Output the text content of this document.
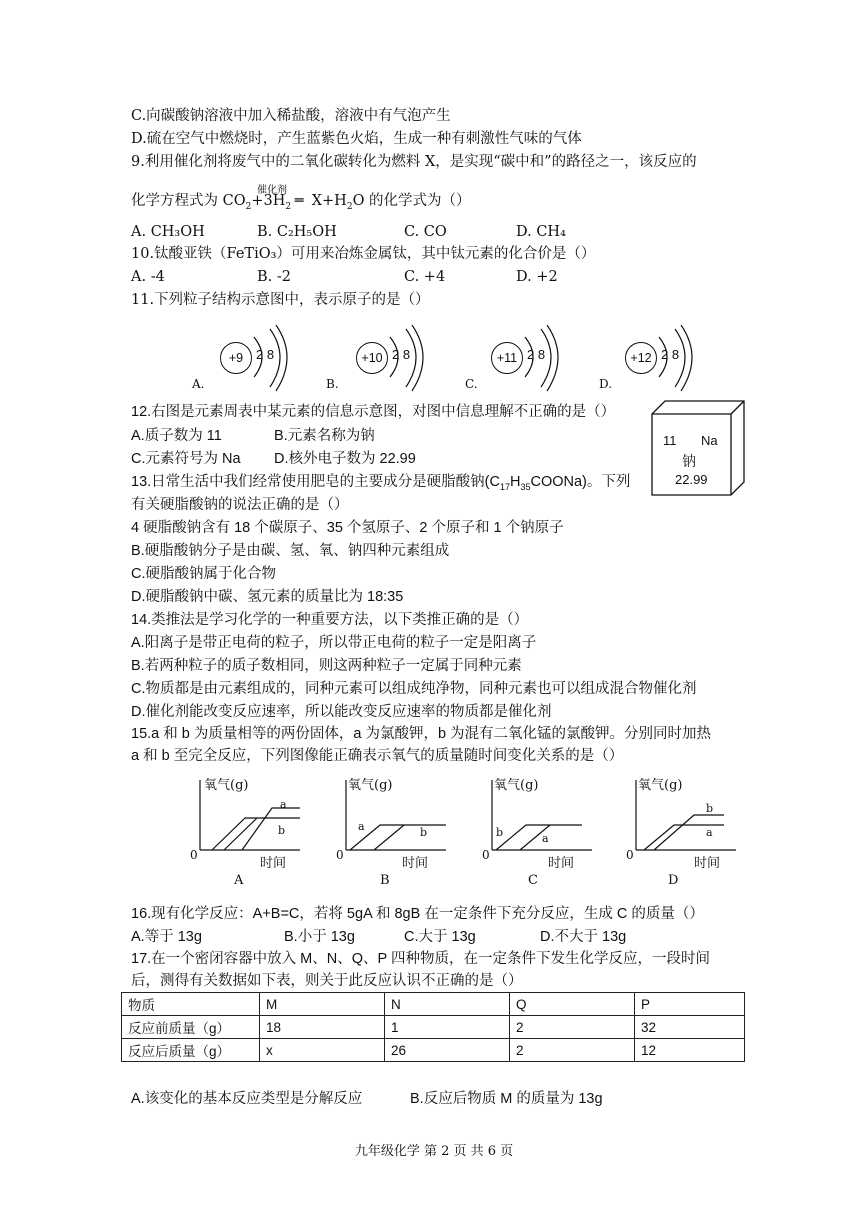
C.向碳酸钠溶液中加入稀盐酸，溶液中有气泡产生
D.硫在空气中燃烧时，产生蓝紫色火焰，生成一种有刺激性气味的气体
9.利用催化剂将废气中的二氧化碳转化为燃料 X，是实现“碳中和”的路径之一，该反应的
化学方程式为 $CO_2+3H_2$ ═ $X+H_2O$ 的化学式为（）
催化剂
A. CH₃OH	B. C₂H₅OH	C. CO	D. CH₄
10.钛酸亚铁（FeTiO₃）可用来冶炼金属钛，其中钛元素的化合价是（）
A. -4	B. -2	C. +4	D. +2
11.下列粒子结构示意图中，表示原子的是（）
+9 2 8
A.
+10 2 8
B.
+11 2 8
C.
+12 2 8
D.
12.右图是元素周表中某元素的信息示意图，对图中信息理解不正确的是（）
A.质子数为 11	B.元素名称为钠
C.元素符号为 Na D.核外电子数为 22.99
11 Na
钠
22.99
13.日常生活中我们经常使用肥皂的主要成分是硬脂酸钠$(C_{17}H_{35}COONa)$。下列
有关硬脂酸钠的说法正确的是（）
4 硬脂酸钠含有 18 个碳原子、35 个氢原子、2 个原子和 1 个钠原子
B.硬脂酸钠分子是由碳、氢、氧、钠四种元素组成
C.硬脂酸钠属于化合物
D.硬脂酸钠中碳、氢元素的质量比为 18:35
14.类推法是学习化学的一种重要方法，以下类推正确的是（）
A.阳离子是带正电荷的粒子，所以带正电荷的粒子一定是阳离子
B.若两种粒子的质子数相同，则这两种粒子一定属于同种元素
C.物质都是由元素组成的，同种元素可以组成纯净物，同种元素也可以组成混合物催化剂
D.催化剂能改变反应速率，所以能改变反应速率的物质都是催化剂
15.a 和 b 为质量相等的两份固体，a 为氯酸钾，b 为混有二氧化锰的氯酸钾。分别同时加热
a 和 b 至完全反应，下列图像能正确表示氧气的质量随时间变化关系的是（）
氧气(g)
a
b
0
时间
A
氧气(g)
a	b
0
时间
B
氧气(g)
b	a
0
时间
C
氧气(g)
b
a
0
时间
D
16.现有化学反应：A+B=C，若将 5gA 和 8gB 在一定条件下充分反应，生成 C 的质量（）
A.等于 13g	B.小于 13g	C.大于 13g	D.不大于 13g
17.在一个密闭容器中放入 M、N、Q、P 四种物质，在一定条件下发生化学反应，一段时间
后，测得有关数据如下表，则关于此反应认识不正确的是（）
物质	M	N	Q	P
反应前质量（g）	18	1	2	32
反应后质量（g）	x	26	2	12
A.该变化的基本反应类型是分解反应	B.反应后物质 M 的质量为 13g
九年级化学 第 2 页 共 6 页
